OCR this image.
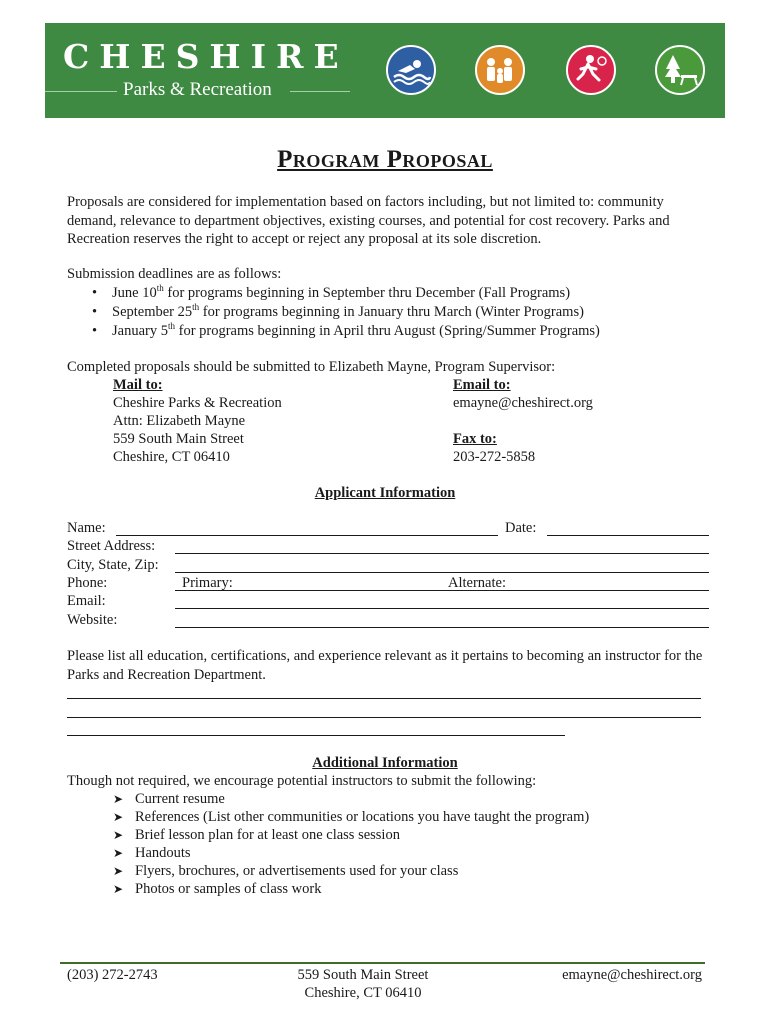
CHESHIRE
Parks & Recreation
Program Proposal
Proposals are considered for implementation based on factors including, but not limited to: community demand, relevance to department objectives, existing courses, and potential for cost recovery. Parks and Recreation reserves the right to accept or reject any proposal at its sole discretion.
Submission deadlines are as follows:
• June 10th for programs beginning in September thru December (Fall Programs)
• September 25th for programs beginning in January thru March (Winter Programs)
• January 5th for programs beginning in April thru August (Spring/Summer Programs)
Completed proposals should be submitted to Elizabeth Mayne, Program Supervisor:
Mail to:
Cheshire Parks & Recreation
Attn: Elizabeth Mayne
559 South Main Street
Cheshire, CT 06410
Email to:
emayne@cheshirect.org
Fax to:
203-272-5858
Applicant Information
Name:	Date:
Street Address:
City, State, Zip:
Phone:	Primary:	Alternate:
Email:
Website:
Please list all education, certifications, and experience relevant as it pertains to becoming an instructor for the Parks and Recreation Department.
Additional Information
Though not required, we encourage potential instructors to submit the following:
➤ Current resume
➤ References (List other communities or locations you have taught the program)
➤ Brief lesson plan for at least one class session
➤ Handouts
➤ Flyers, brochures, or advertisements used for your class
➤ Photos or samples of class work
(203) 272-2743	559 South Main Street
Cheshire, CT 06410
emayne@cheshirect.org
